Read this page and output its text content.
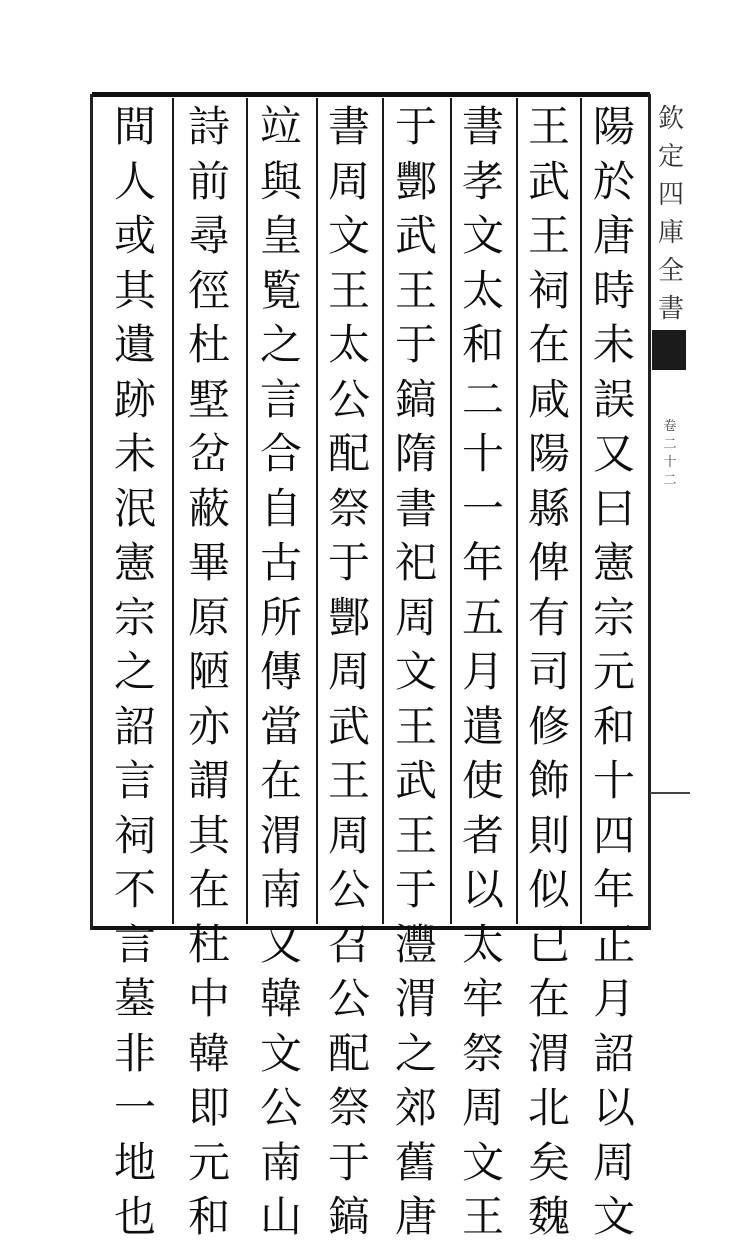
陽
於
唐
時
未
誤
又
曰
憲
宗
元
和
十
四
年
正
月
詔
以
周
文
王
武
王
祠
在
咸
陽
縣
俾
有
司
修
飾
則
似
已
在
渭
北
矣
魏
書
孝
文
太
和
二
十
一
年
五
月
遣
使
者
以
太
牢
祭
周
文
王
于
酆
武
王
于
鎬
隋
書
祀
周
文
王
武
王
于
灃
渭
之
郊
舊
唐
書
周
文
王
太
公
配
祭
于
酆
周
武
王
周
公
召
公
配
祭
于
鎬
竝
與
皇
覧
之
言
合
自
古
所
傳
當
在
渭
南
又
韓
文
公
南
山
詩
前
尋
徑
杜
墅
岔
蔽
畢
原
陋
亦
謂
其
在
杜
中
韓
即
元
和
間
人
或
其
遺
跡
未
泯
憲
宗
之
詔
言
祠
不
言
墓
非
一
地
也
欽
定
四
庫
全
書
卷
二
十
二
